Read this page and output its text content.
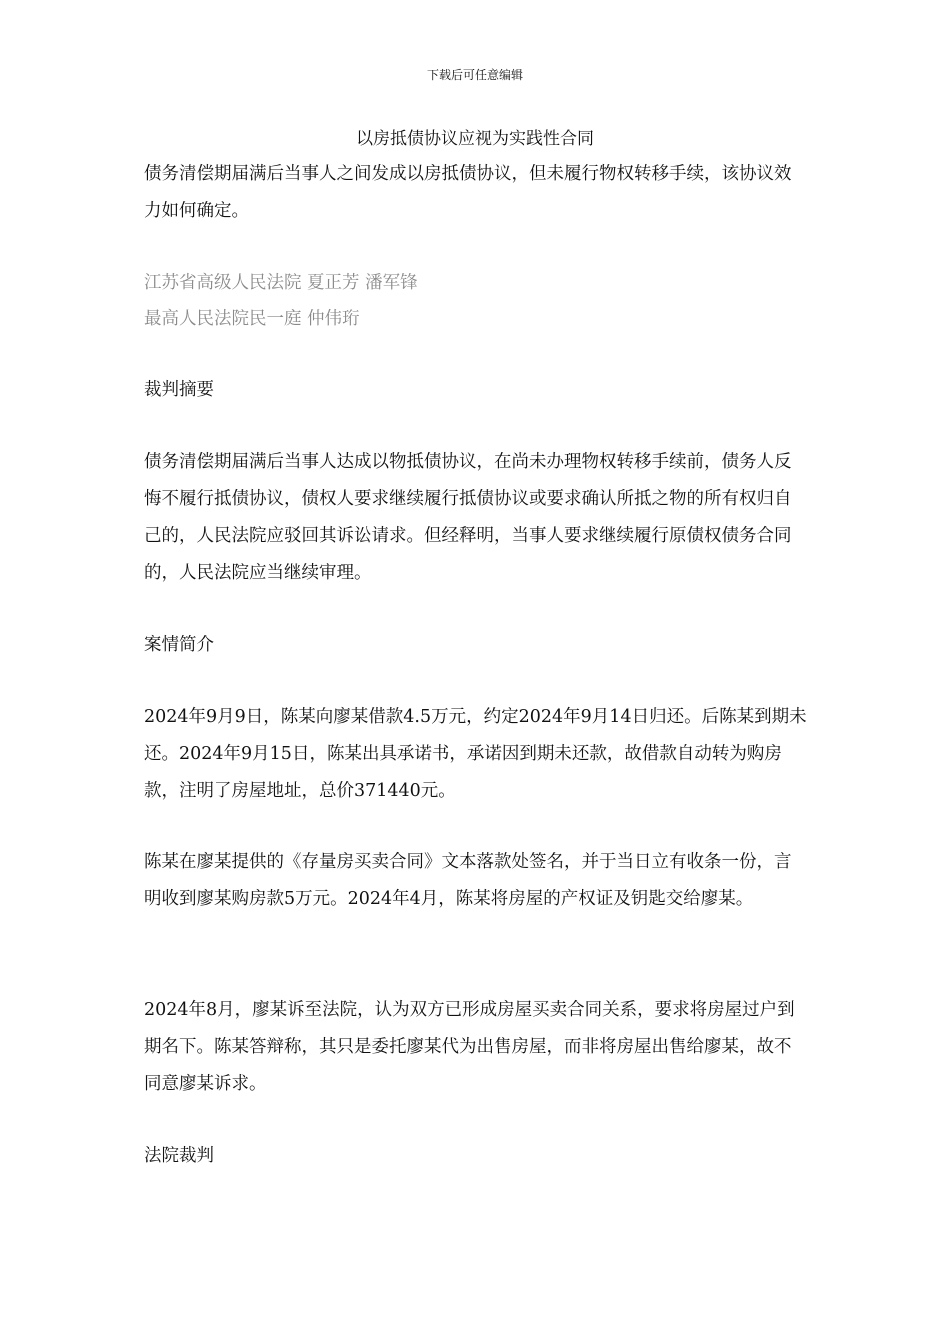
下载后可任意编辑
以房抵债协议应视为实践性合同

债务清偿期届满后当事人之间发成以房抵债协议，但未履行物权转移手续，该协议效力如何确定。

江苏省高级人民法院 夏正芳 潘军锋
最高人民法院民一庭 仲伟珩

裁判摘要

债务清偿期届满后当事人达成以物抵债协议，在尚未办理物权转移手续前，债务人反悔不履行抵债协议，债权人要求继续履行抵债协议或要求确认所抵之物的所有权归自己的，人民法院应驳回其诉讼请求。但经释明，当事人要求继续履行原债权债务合同的，人民法院应当继续审理。

案情简介

2024年9月9日，陈某向廖某借款4.5万元，约定2024年9月14日归还。后陈某到期未还。2024年9月15日，陈某出具承诺书，承诺因到期未还款，故借款自动转为购房款，注明了房屋地址，总价371440元。

陈某在廖某提供的《存量房买卖合同》文本落款处签名，并于当日立有收条一份，言明收到廖某购房款5万元。2024年4月，陈某将房屋的产权证及钥匙交给廖某。

2024年8月，廖某诉至法院，认为双方已形成房屋买卖合同关系，要求将房屋过户到期名下。陈某答辩称，其只是委托廖某代为出售房屋，而非将房屋出售给廖某，故不同意廖某诉求。

法院裁判
